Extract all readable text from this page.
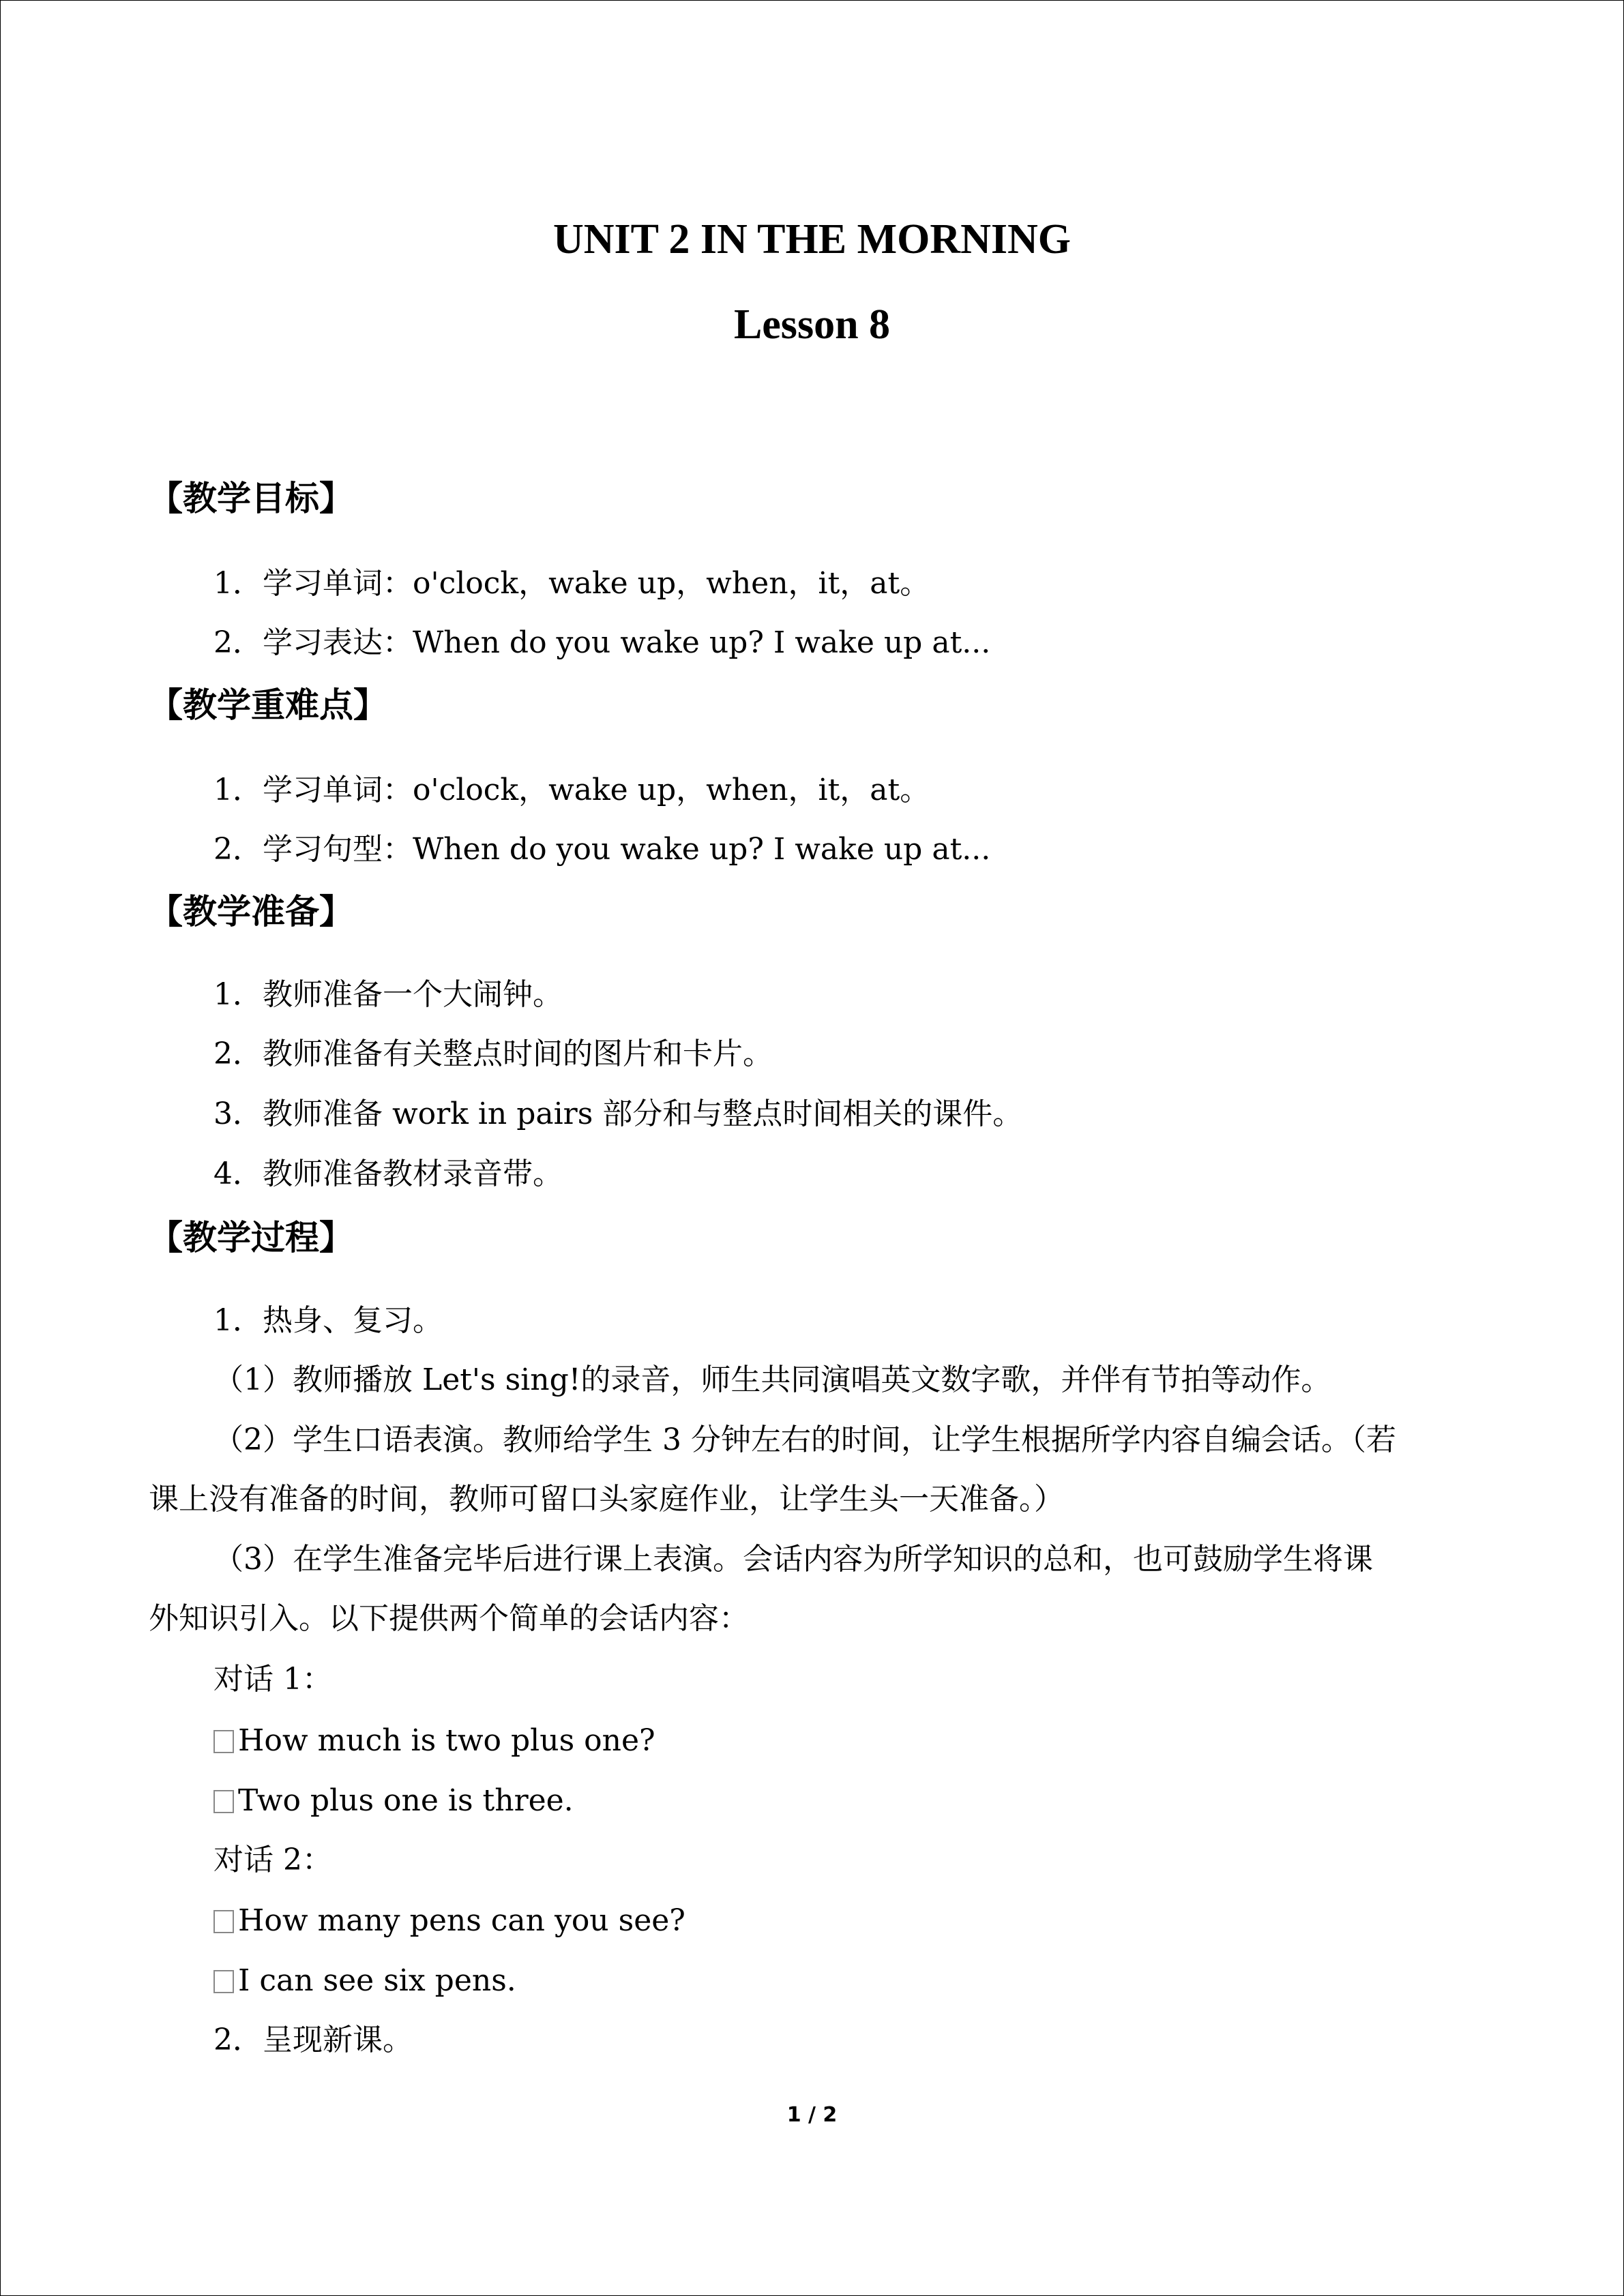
UNIT 2 IN THE MORNING
Lesson 8

【教学目标】

1．学习单词：o'clock，wake up，when，it，at。

2．学习表达：When do you wake up? I wake up at...

【教学重难点】

1．学习单词：o'clock，wake up，when，it，at。

2．学习句型：When do you wake up? I wake up at...

【教学准备】

1．教师准备一个大闹钟。

2．教师准备有关整点时间的图片和卡片。

3．教师准备 work in pairs 部分和与整点时间相关的课件。

4．教师准备教材录音带。

【教学过程】

1．热身、复习。

（1）教师播放 Let's sing!的录音，师生共同演唱英文数字歌，并伴有节拍等动作。

（2）学生口语表演。教师给学生 3 分钟左右的时间，让学生根据所学内容自编会话。（若

课上没有准备的时间，教师可留口头家庭作业，让学生头一天准备。）

（3）在学生准备完毕后进行课上表演。会话内容为所学知识的总和，也可鼓励学生将课

外知识引入。以下提供两个简单的会话内容：

对话 1：

How much is two plus one?

Two plus one is three.

对话 2：

How many pens can you see?

I can see six pens.

2．呈现新课。

1 / 2
